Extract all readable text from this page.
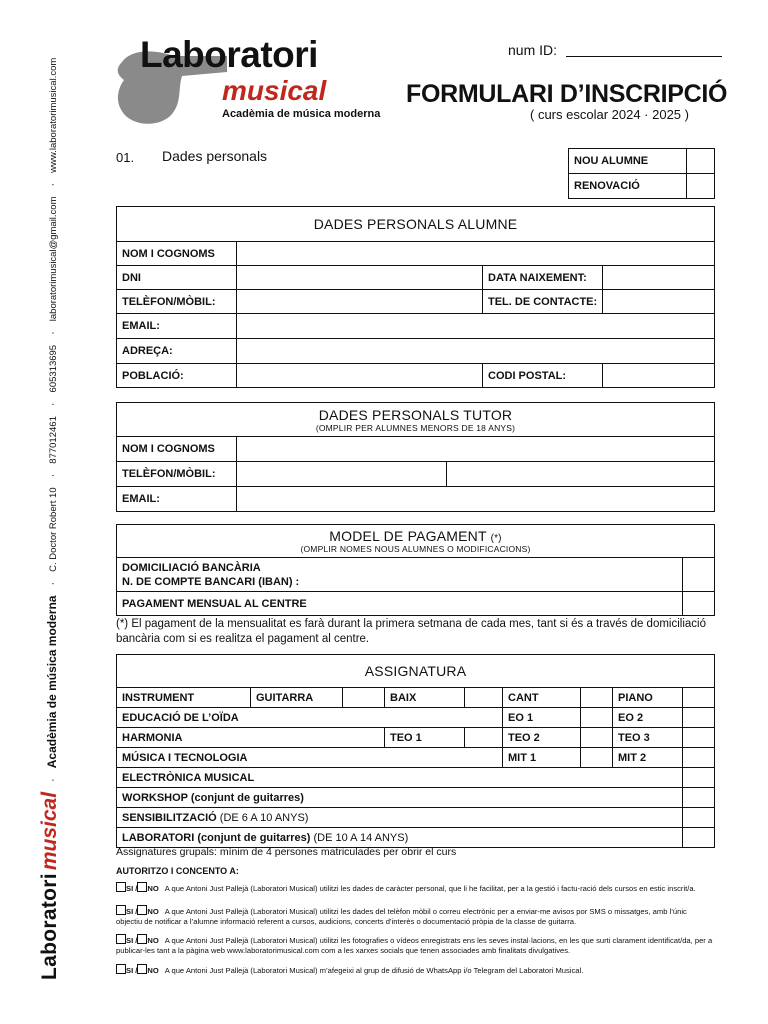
Laboratori
musical
·
Acadèmia de música moderna
·
C. Doctor Robert 10
·
877012461
·
605313695
·
laboratorimusical@gmail.com
·
www.laboratorimusical.com
Laboratori
musical
Acadèmia de música moderna
num ID:
FORMULARI D’INSCRIPCIÓ
( curs escolar 2024 · 2025 )
01. Dades personals	NOU ALUMNE	
RENOVACIÓ	
DADES PERSONALS ALUMNE			
NOM I COGNOMS			
DNI		DATA NAIXEMENT:	
TELÈFON/MÒBIL:		TEL. DE CONTACTE:	
EMAIL:			
ADREÇA:			
POBLACIÓ:		CODI POSTAL:	
DADES PERSONALS TUTOR
(OMPLIR PER ALUMNES MENORS DE 18 ANYS)		

NOM I COGNOMS		
TELÈFON/MÒBIL:		
EMAIL:		
MODEL DE PAGAMENT (*)
(OMPLIR NOMES NOUS ALUMNES O MODIFICACIONS)	

DOMICILIACIÓ BANCÀRIA
N. DE COMPTE BANCARI (IBAN) :	
PAGAMENT MENSUAL AL CENTRE	
(*) El pagament de la mensualitat es farà durant la primera setmana de cada mes, tant si és a través de domiciliació bancària com si es realitza el pagament al centre.
ASSIGNATURA								
INSTRUMENT	GUITARRA		BAIX		CANT		PIANO	
EDUCACIÓ DE L’OÏDA					EO 1		EO 2	
HARMONIA			TEO 1		TEO 2		TEO 3	
MÚSICA I TECNOLOGIA					MIT 1		MIT 2	
ELECTRÒNICA MUSICAL								
WORKSHOP (conjunt de guitarres)								
SENSIBILITZACIÓ (DE 6 A 10 ANYS)								
LABORATORI (conjunt de guitarres) (DE 10 A 14 ANYS)								
Assignatures grupals: mínim de 4 persones matriculades per obrir el curs
AUTORITZO I CONCENTO A:
SI / NO A que Antoni Just Pallejà (Laboratori Musical) utilitzi les dades de caràcter personal, que li he facilitat, per a la gestió i factu-ració dels cursos en estic inscrit/a.
SI / NO A que Antoni Just Pallejà (Laboratori Musical) utilitzi les dades del telèfon mòbil o correu electrònic per a enviar-me avisos por SMS o missatges, amb l’únic objectiu de notificar a l’alumne informació referent a cursos, audicions, concerts d’interès o documentació pròpia de la classe de guitarra.
SI / NO A que Antoni Just Pallejà (Laboratori Musical) utilitzi les fotografies o vídeos enregistrats ens les seves instal·lacions, en les que surti clarament identificat/da, per a publicar-les tant a la pàgina web www.laboratorimusical.com com a les xarxes socials que tenen associades amb finalitats divulgatives.
SI / NO A que Antoni Just Pallejà (Laboratori Musical) m’afegeixi al grup de difusió de WhatsApp i/o Telegram del Laboratori Musical.
